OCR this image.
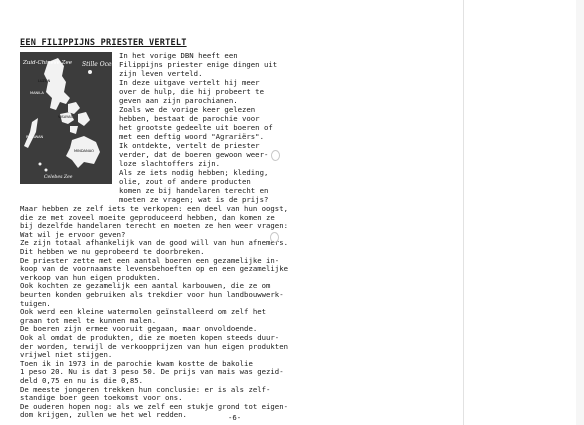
EEN FILIPPIJNS PRIESTER VERTELT
Zuid-Chinese Zee Stille Oceaan
LUZON
MANILA
VISAYAS
PALAWAN
MINDANAO
Celebes Zee
In het vorige DBN heeft een
Filippijns priester enige dingen uit
zijn leven verteld.
In deze uitgave vertelt hij meer
over de hulp, die hij probeert te
geven aan zijn parochianen.
Zoals we de vorige keer gelezen
hebben, bestaat de parochie voor
het grootste gedeelte uit boeren of
met een deftig woord "Agrariërs".
Ik ontdekte, vertelt de priester
verder, dat de boeren gewoon weer-
loze slachtoffers zijn.
Als ze iets nodig hebben; kleding,
olie, zout of andere producten
komen ze bij handelaren terecht en
moeten ze vragen; wat is de prijs?
Maar hebben ze zelf iets te verkopen: een deel van hun oogst,
die ze met zoveel moeite geproduceerd hebben, dan komen ze
bij dezelfde handelaren terecht en moeten ze hen weer vragen:
Wat wil je ervoor geven?
Ze zijn totaal afhankelijk van de good will van hun afnemers.
Dit hebben we nu geprobeerd te doorbreken.
De priester zette met een aantal boeren een gezamelijke in-
koop van de voornaamste levensbehoeften op en een gezamelijke
verkoop van hun eigen produkten.
Ook kochten ze gezamelijk een aantal karbouwen, die ze om
beurten konden gebruiken als trekdier voor hun landbouwwerk-
tuigen.
Ook werd een kleine watermolen geïnstalleerd om zelf het
graan tot meel te kunnen malen.
De boeren zijn ermee vooruit gegaan, maar onvoldoende.
Ook al omdat de produkten, die ze moeten kopen steeds duur-
der worden, terwijl de verkoopprijzen van hun eigen produkten
vrijwel niet stijgen.
Toen ik in 1973 in de parochie kwam kostte de bakolie
1 peso 20. Nu is dat 3 peso 50. De prijs van mais was gezid-
deld 0,75 en nu is die 0,85.
De meeste jongeren trekken hun conclusie: er is als zelf-
standige boer geen toekomst voor ons.
De ouderen hopen nog: als we zelf een stukje grond tot eigen-
dom krijgen, zullen we het wel redden.	-6-
